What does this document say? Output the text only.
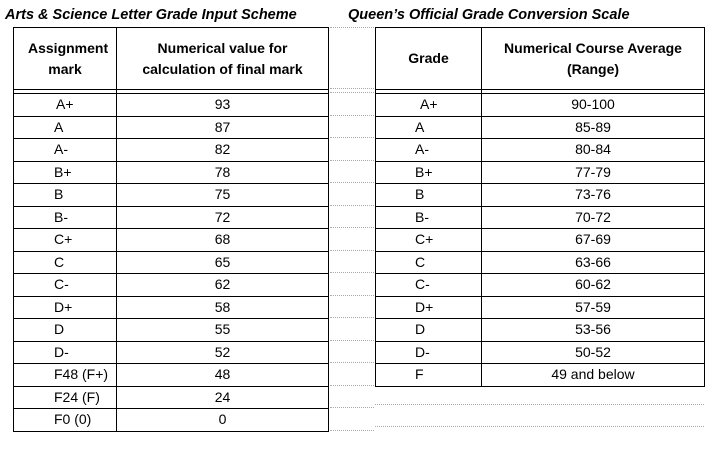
Arts & Science Letter Grade Input Scheme	Queen’s Official Grade Conversion Scale
Assignment mark	Numerical value for calculation of final mark

A+	93
A	87
A-	82
B+	78
B	75
B-	72
C+	68
C	65
C-	62
D+	58
D	55
D-	52
F48 (F+)	48
F24 (F)	24
F0 (0)	0
Grade	Numerical Course Average (Range)

A+	90-100
A	85-89
A-	80-84
B+	77-79
B	73-76
B-	70-72
C+	67-69
C	63-66
C-	60-62
D+	57-59
D	53-56
D-	50-52
F	49 and below
